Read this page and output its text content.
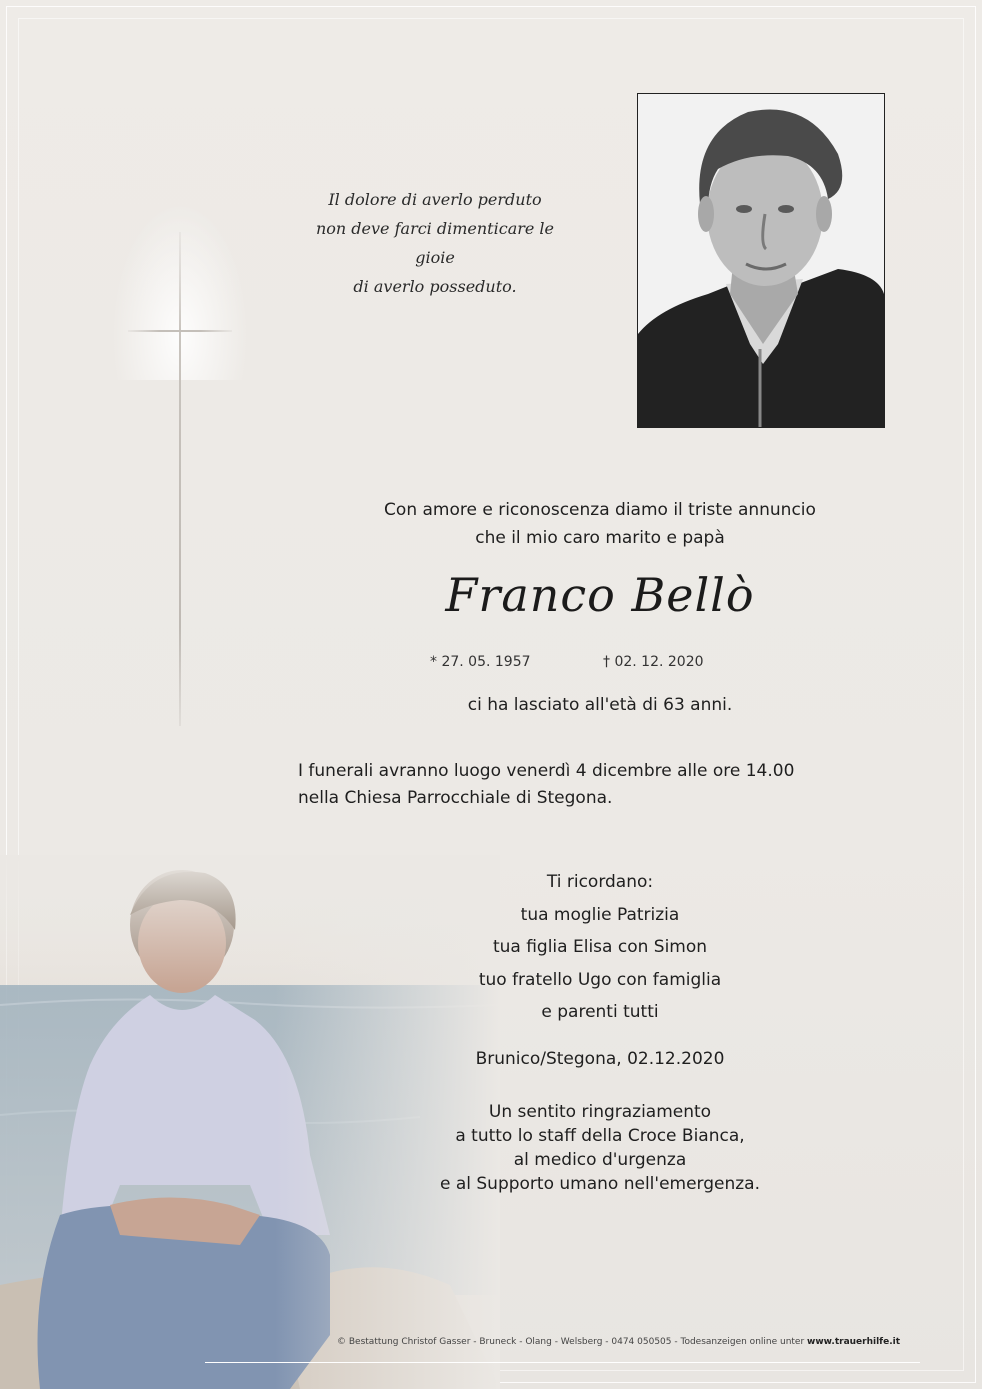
Il dolore di averlo perduto
non deve farci dimenticare le gioie
di averlo posseduto.
Con amore e riconoscenza diamo il triste annuncio
che il mio caro marito e papà
Franco Bellò
* 27. 05. 1957	† 02. 12. 2020
ci ha lasciato all'età di 63 anni.
I funerali avranno luogo venerdì 4 dicembre alle ore 14.00
nella Chiesa Parrocchiale di Stegona.
Ti ricordano:
tua moglie Patrizia
tua figlia Elisa con Simon
tuo fratello Ugo con famiglia
e parenti tutti
Brunico/Stegona, 02.12.2020
Un sentito ringraziamento
a tutto lo staff della Croce Bianca,
al medico d'urgenza
e al Supporto umano nell'emergenza.
© Bestattung Christof Gasser - Bruneck - Olang - Welsberg - 0474 050505 - Todesanzeigen online unter www.trauerhilfe.it
